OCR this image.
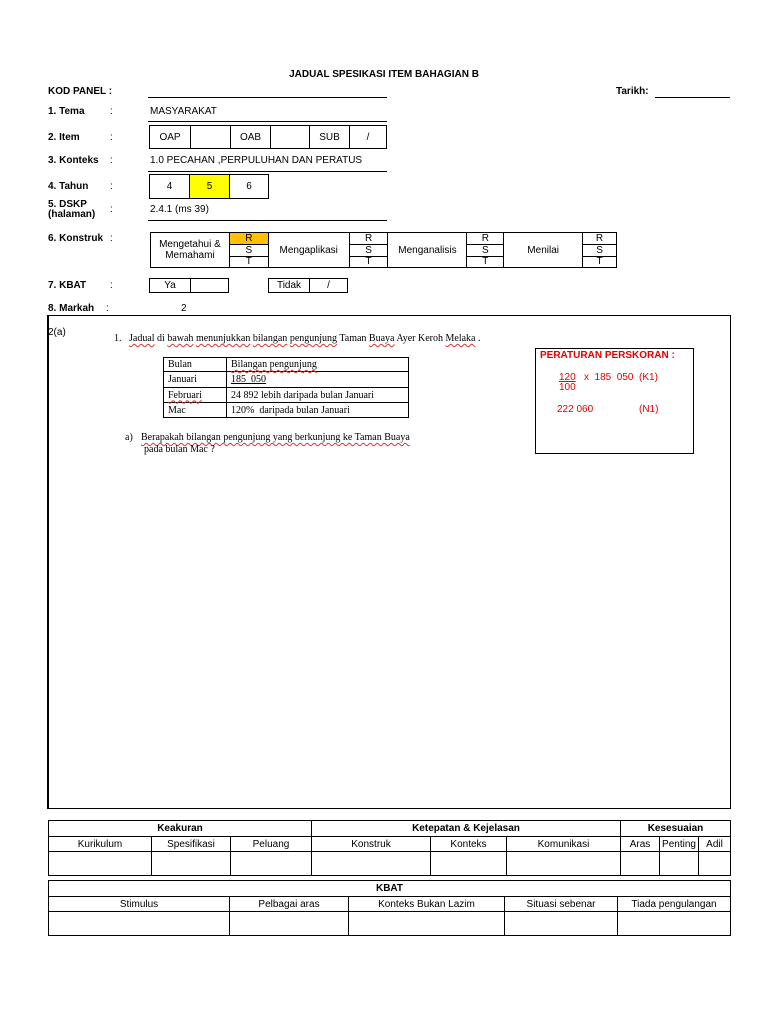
JADUAL SPESIKASI ITEM BAHAGIAN B
KOD PANEL :	Tarikh:
1. Tema	:	MASYARAKAT
2. Item	:	OAP	OAB	SUB	/
3. Konteks :	1.0 PECAHAN ,PERPULUHAN DAN PERATUS
4. Tahun :	4	5	6
5. DSKP
(halaman) :	2.4.1 (ms 39)
6. Konstruk :
Mengetahui & Memahami	R	Mengaplikasi	R	Menganalisis	R	Menilai	R
	S		S		S		S
	T		T		T		T
7. KBAT :	Ya	Tidak	/
8. Markah :	2
2(a)
1. Jadual di bawah menunjukkan bilangan pengunjung Taman Buaya Ayer Keroh Melaka .
Bulan	Bilangan pengunjung
Januari	185  050
Februari	24 892 lebih daripada bulan Januari
Mac	120%  daripada bulan Januari
a) Berapakah bilangan pengunjung yang berkunjung ke Taman Buaya
pada bulan Mac ?
PERATURAN PERSKORAN :
120 x  185  050  (K1)
100
222 060	(N1)
Keakuran			Ketepatan & Kejelasan			Kesesuaian		
Kurikulum	Spesifikasi	Peluang	Konstruk	Konteks	Komunikasi	Aras	Penting	Adil

KBAT				
Stimulus	Pelbagai aras	Konteks Bukan Lazim	Situasi sebenar	Tiada pengulangan
